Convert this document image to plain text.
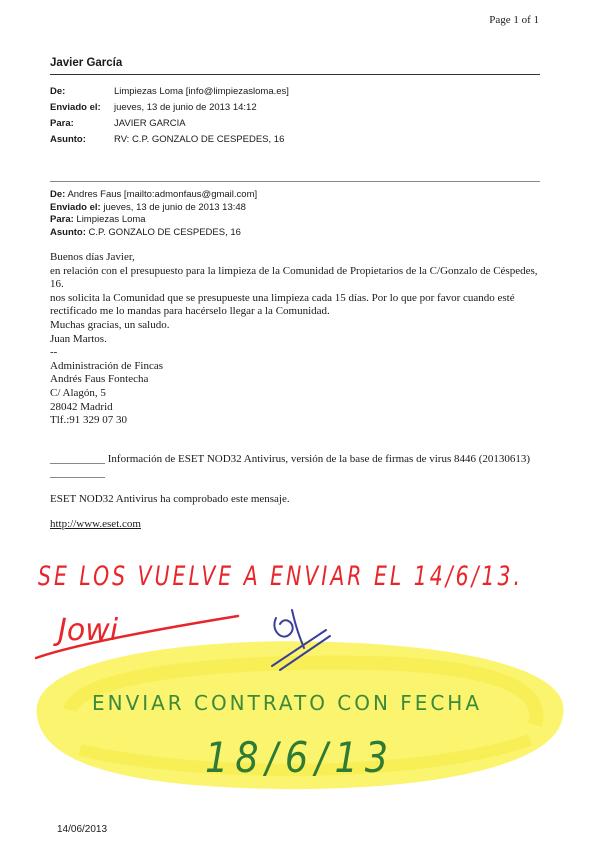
Page 1 of 1
Javier García
De:	Limpiezas Loma [info@limpiezasloma.es]
Enviado el:	jueves, 13 de junio de 2013 14:12
Para:	JAVIER GARCIA
Asunto:	RV: C.P. GONZALO DE CESPEDES, 16
De: Andres Faus [mailto:admonfaus@gmail.com]
Enviado el: jueves, 13 de junio de 2013 13:48
Para: Limpiezas Loma
Asunto: C.P. GONZALO DE CESPEDES, 16

Buenos días Javier,

en relación con el presupuesto para la limpieza de la Comunidad de Propietarios de la C/Gonzalo de Céspedes, 16.

nos solicita la Comunidad que se presupueste una limpieza cada 15 días. Por lo que por favor cuando esté rectificado me lo mandas para hacérselo llegar a la Comunidad.

Muchas gracias, un saludo.

Juan Martos.

--

Administración de Fincas

Andrés Faus Fontecha

C/ Alagón, 5

28042 Madrid

Tlf.:91 329 07 30

__________ Información de ESET NOD32 Antivirus, versión de la base de firmas de virus 8446 (20130613) __________
ESET NOD32 Antivirus ha comprobado este mensaje.
http://www.eset.com
SE LOS VUELVE A ENVIAR EL 14/6/13.
Jowi
ENVIAR CONTRATO CON FECHA
18/6/13
14/06/2013
